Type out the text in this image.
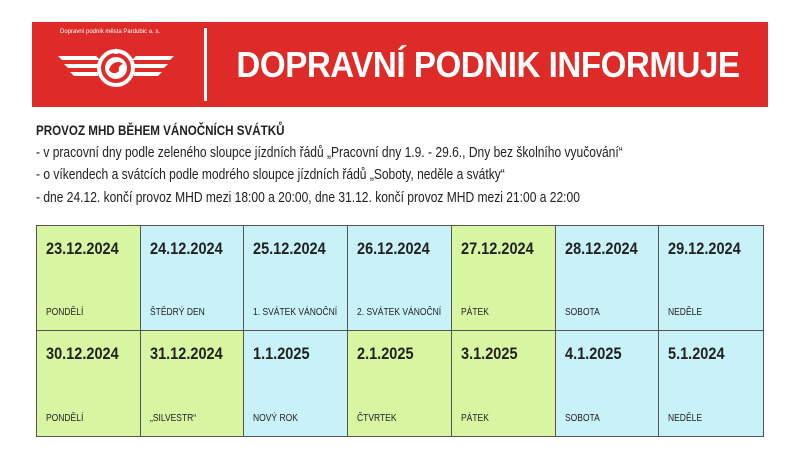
Dopravní podnik města Pardubic a. s.
DOPRAVNÍ PODNIK INFORMUJE
PROVOZ MHD BĚHEM VÁNOČNÍCH SVÁTKŮ
- v pracovní dny podle zeleného sloupce jízdních řádů „Pracovní dny 1.9. - 29.6., Dny bez školního vyučování“
- o víkendech a svátcích podle modrého sloupce jízdních řádů „Soboty, neděle a svátky“
- dne 24.12. končí provoz MHD mezi 18:00 a 20:00, dne 31.12. končí provoz MHD mezi 21:00 a 22:00
23.12.2024
PONDĚLÍ
24.12.2024
ŠTĚDRÝ DEN
25.12.2024
1. SVÁTEK VÁNOČNÍ
26.12.2024
2. SVÁTEK VÁNOČNÍ
27.12.2024
PÁTEK
28.12.2024
SOBOTA
29.12.2024
NEDĚLE
30.12.2024
PONDĚLÍ
31.12.2024
„SILVESTR“
1.1.2025
NOVÝ ROK
2.1.2025
ČTVRTEK
3.1.2025
PÁTEK
4.1.2025
SOBOTA
5.1.2024
NEDĚLE
